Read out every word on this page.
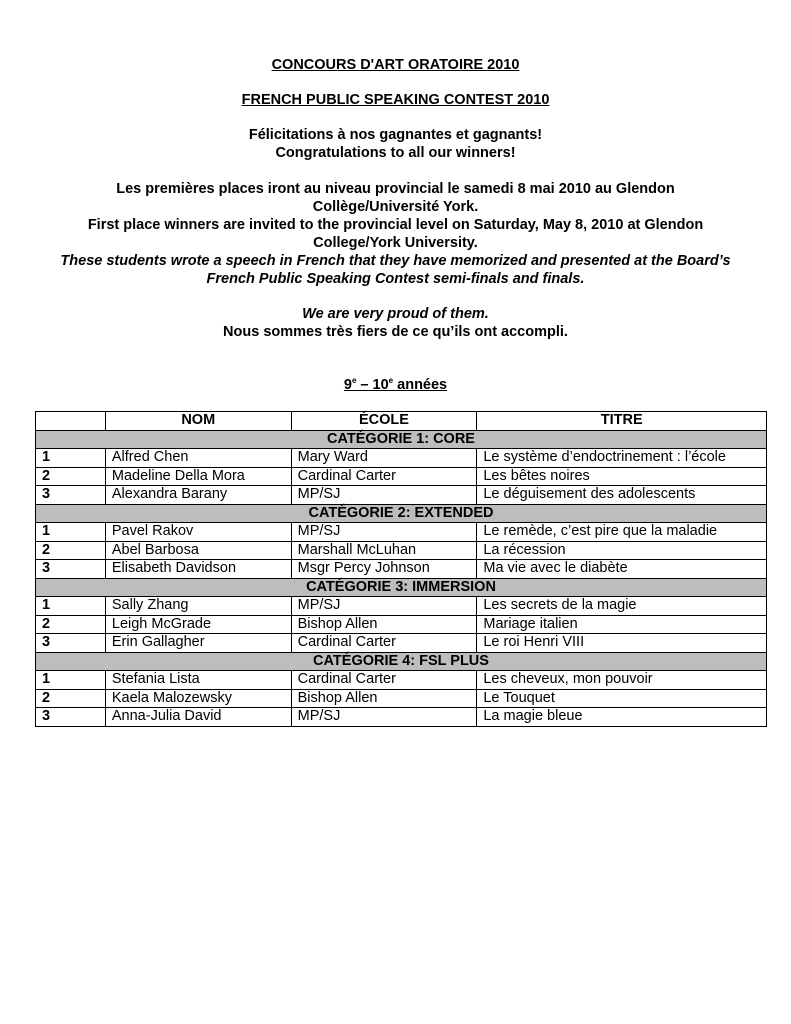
CONCOURS D'ART ORATOIRE 2010
FRENCH PUBLIC SPEAKING CONTEST 2010
Félicitations à nos gagnantes et gagnants!
Congratulations to all our winners!
Les premières places iront au niveau provincial le samedi 8 mai 2010 au Glendon
Collège/Université York.
First place winners are invited to the provincial level on Saturday, May 8, 2010 at Glendon
College/York University.
These students wrote a speech in French that they have memorized and presented at the Board’s
French Public Speaking Contest semi-finals and finals.
We are very proud of them.
Nous sommes très fiers de ce qu’ils ont accompli.
9e – 10e années
	NOM	ÉCOLE	TITRE
CATÉGORIE 1: CORE			
1	Alfred Chen	Mary Ward	Le système d’endoctrinement : l’école
2	Madeline Della Mora	Cardinal Carter	Les bêtes noires
3	Alexandra Barany	MP/SJ	Le déguisement des adolescents
CATÉGORIE 2: EXTENDED			
1	Pavel Rakov	MP/SJ	Le remède, c’est pire que la maladie
2	Abel Barbosa	Marshall McLuhan	La récession
3	Elisabeth Davidson	Msgr Percy Johnson	Ma vie avec le diabète
CATÉGORIE 3: IMMERSION			
1	Sally Zhang	MP/SJ	Les secrets de la magie
2	Leigh McGrade	Bishop Allen	Mariage italien
3	Erin Gallagher	Cardinal Carter	Le roi Henri VIII
CATÉGORIE 4: FSL PLUS			
1	Stefania Lista	Cardinal Carter	Les cheveux, mon pouvoir
2	Kaela Malozewsky	Bishop Allen	Le Touquet
3	Anna-Julia David	MP/SJ	La magie bleue
